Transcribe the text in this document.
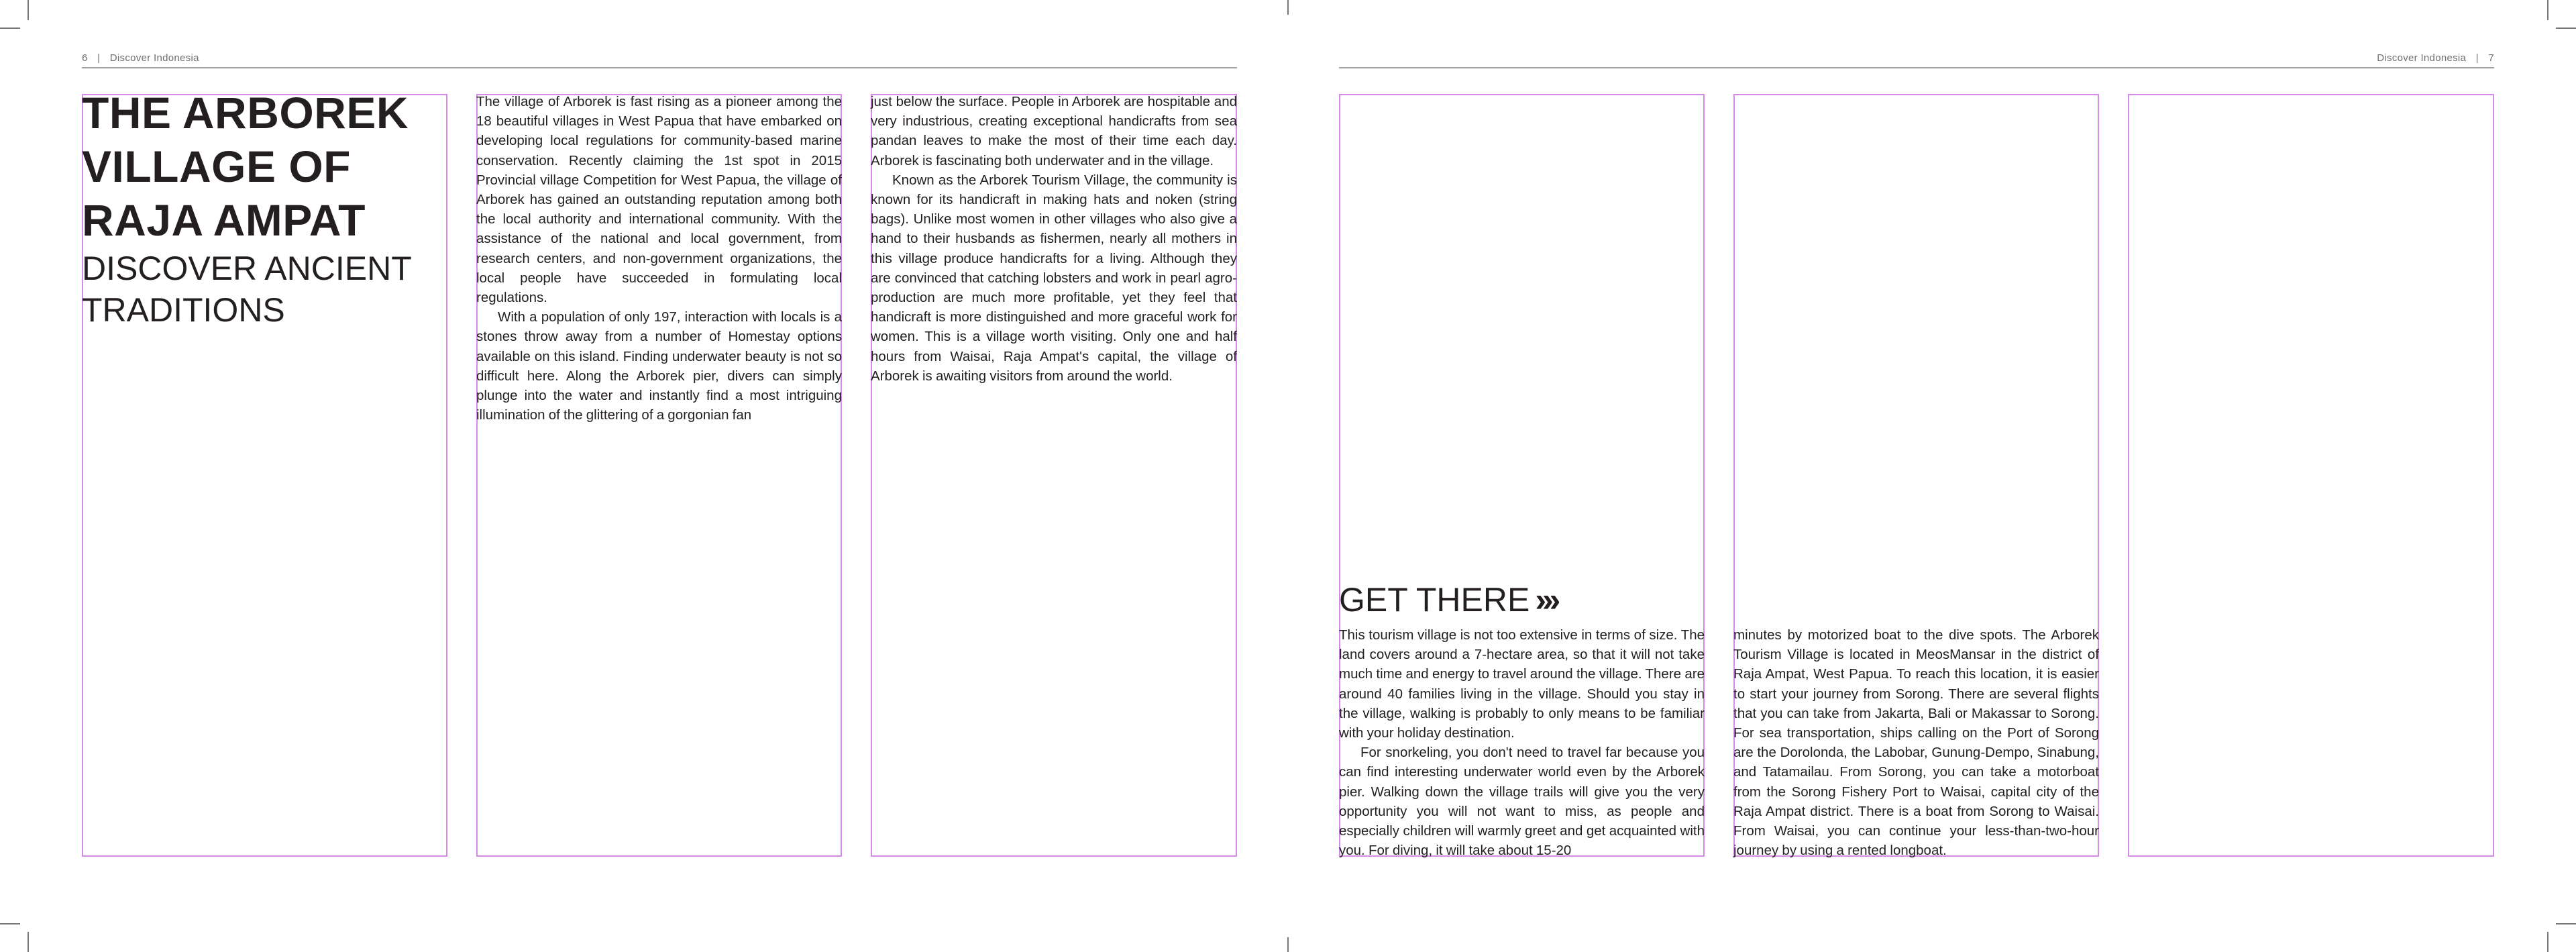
6 | Discover Indonesia	Discover Indonesia | 7
THE ARBOREK VILLAGE OF RAJA AMPAT
DISCOVER ANCIENT TRADITIONS

The village of Arborek is fast rising as a pioneer among the 18 beautiful villages in West Papua that have embarked on developing local regulations for community-based marine conservation. Recently claiming the 1st spot in 2015 Provincial village Competition for West Papua, the village of Arborek has gained an outstanding reputation among both the local authority and international community. With the assistance of the national and local government, from research centers, and non-government organizations, the local people have succeeded in formulating local regulations.

With a population of only 197, interaction with locals is a stones throw away from a number of Homestay options available on this island. Finding underwater beauty is not so difficult here. Along the Arborek pier, divers can simply plunge into the water and instantly find a most intriguing illumination of the glittering of a gorgonian fan

just below the surface. People in Arborek are hospitable and very industrious, creating exceptional handicrafts from sea pandan leaves to make the most of their time each day. Arborek is fascinating both underwater and in the village.

Known as the Arborek Tourism Village, the community is known for its handicraft in making hats and noken (string bags). Unlike most women in other villages who also give a hand to their husbands as fishermen, nearly all mothers in this village produce handicrafts for a living. Although they are convinced that catching lobsters and work in pearl agro-production are much more profitable, yet they feel that handicraft is more distinguished and more graceful work for women. This is a village worth visiting. Only one and half hours from Waisai, Raja Ampat's capital, the village of Arborek is awaiting visitors from around the world.

GET THERE ›››

This tourism village is not too extensive in terms of size. The land covers around a 7-hectare area, so that it will not take much time and energy to travel around the village. There are around 40 families living in the village. Should you stay in the village, walking is probably to only means to be familiar with your holiday destination.

For snorkeling, you don't need to travel far because you can find interesting underwater world even by the Arborek pier. Walking down the village trails will give you the very opportunity you will not want to miss, as people and especially children will warmly greet and get acquainted with you. For diving, it will take about 15-20

minutes by motorized boat to the dive spots. The Arborek Tourism Village is located in MeosMansar in the district of Raja Ampat, West Papua. To reach this location, it is easier to start your journey from Sorong. There are several flights that you can take from Jakarta, Bali or Makassar to Sorong. For sea transportation, ships calling on the Port of Sorong are the Dorolonda, the Labobar, Gunung-Dempo, Sinabung, and Tatamailau. From Sorong, you can take a motorboat from the Sorong Fishery Port to Waisai, capital city of the Raja Ampat district. There is a boat from Sorong to Waisai. From Waisai, you can continue your less-than-two-hour journey by using a rented longboat.
